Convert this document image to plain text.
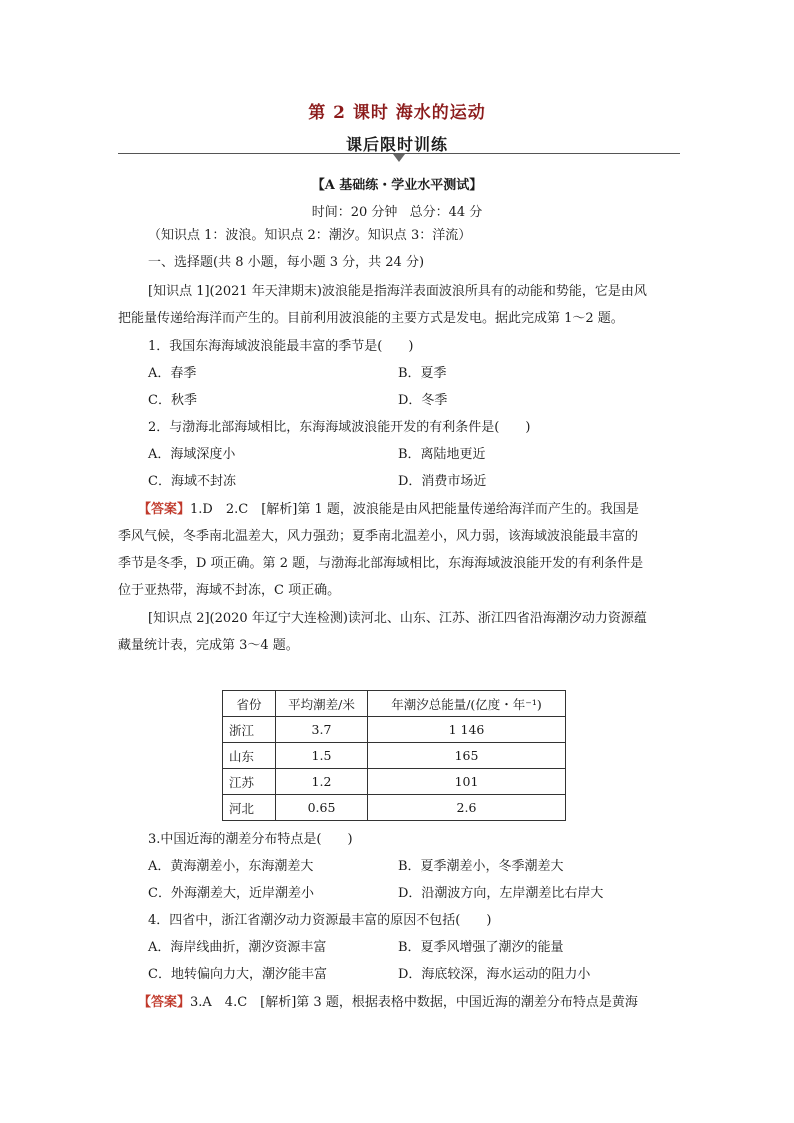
第 2 课时 海水的运动
课后限时训练
【A 基础练・学业水平测试】
时间：20 分钟 总分：44 分
（知识点 1：波浪。知识点 2：潮汐。知识点 3：洋流）
一、选择题(共 8 小题，每小题 3 分，共 24 分)
[知识点 1](2021 年天津期末)波浪能是指海洋表面波浪所具有的动能和势能，它是由风
把能量传递给海洋而产生的。目前利用波浪能的主要方式是发电。据此完成第 1～2 题。
1．我国东海海域波浪能最丰富的季节是(　　)
A．春季	B．夏季
C．秋季	D．冬季
2．与渤海北部海域相比，东海海域波浪能开发的有利条件是(　　)
A．海域深度小	B．离陆地更近
C．海域不封冻	D．消费市场近
【答案】1.D　2.C　[解析]第 1 题，波浪能是由风把能量传递给海洋而产生的。我国是
季风气候，冬季南北温差大，风力强劲；夏季南北温差小，风力弱，该海域波浪能最丰富的
季节是冬季，D 项正确。第 2 题，与渤海北部海域相比，东海海域波浪能开发的有利条件是
位于亚热带，海域不封冻，C 项正确。
[知识点 2](2020 年辽宁大连检测)读河北、山东、江苏、浙江四省沿海潮汐动力资源蕴
藏量统计表，完成第 3～4 题。
省份	平均潮差/米	年潮汐总能量/(亿度・年⁻¹)
浙江	3.7	1 146
山东	1.5	165
江苏	1.2	101
河北	0.65	2.6
3.中国近海的潮差分布特点是(　　)
A．黄海潮差小，东海潮差大	B．夏季潮差小，冬季潮差大
C．外海潮差大，近岸潮差小	D．沿潮波方向，左岸潮差比右岸大
4．四省中，浙江省潮汐动力资源最丰富的原因不包括(　　)
A．海岸线曲折，潮汐资源丰富	B．夏季风增强了潮汐的能量
C．地转偏向力大，潮汐能丰富	D．海底较深，海水运动的阻力小
【答案】3.A　4.C　[解析]第 3 题，根据表格中数据，中国近海的潮差分布特点是黄海
